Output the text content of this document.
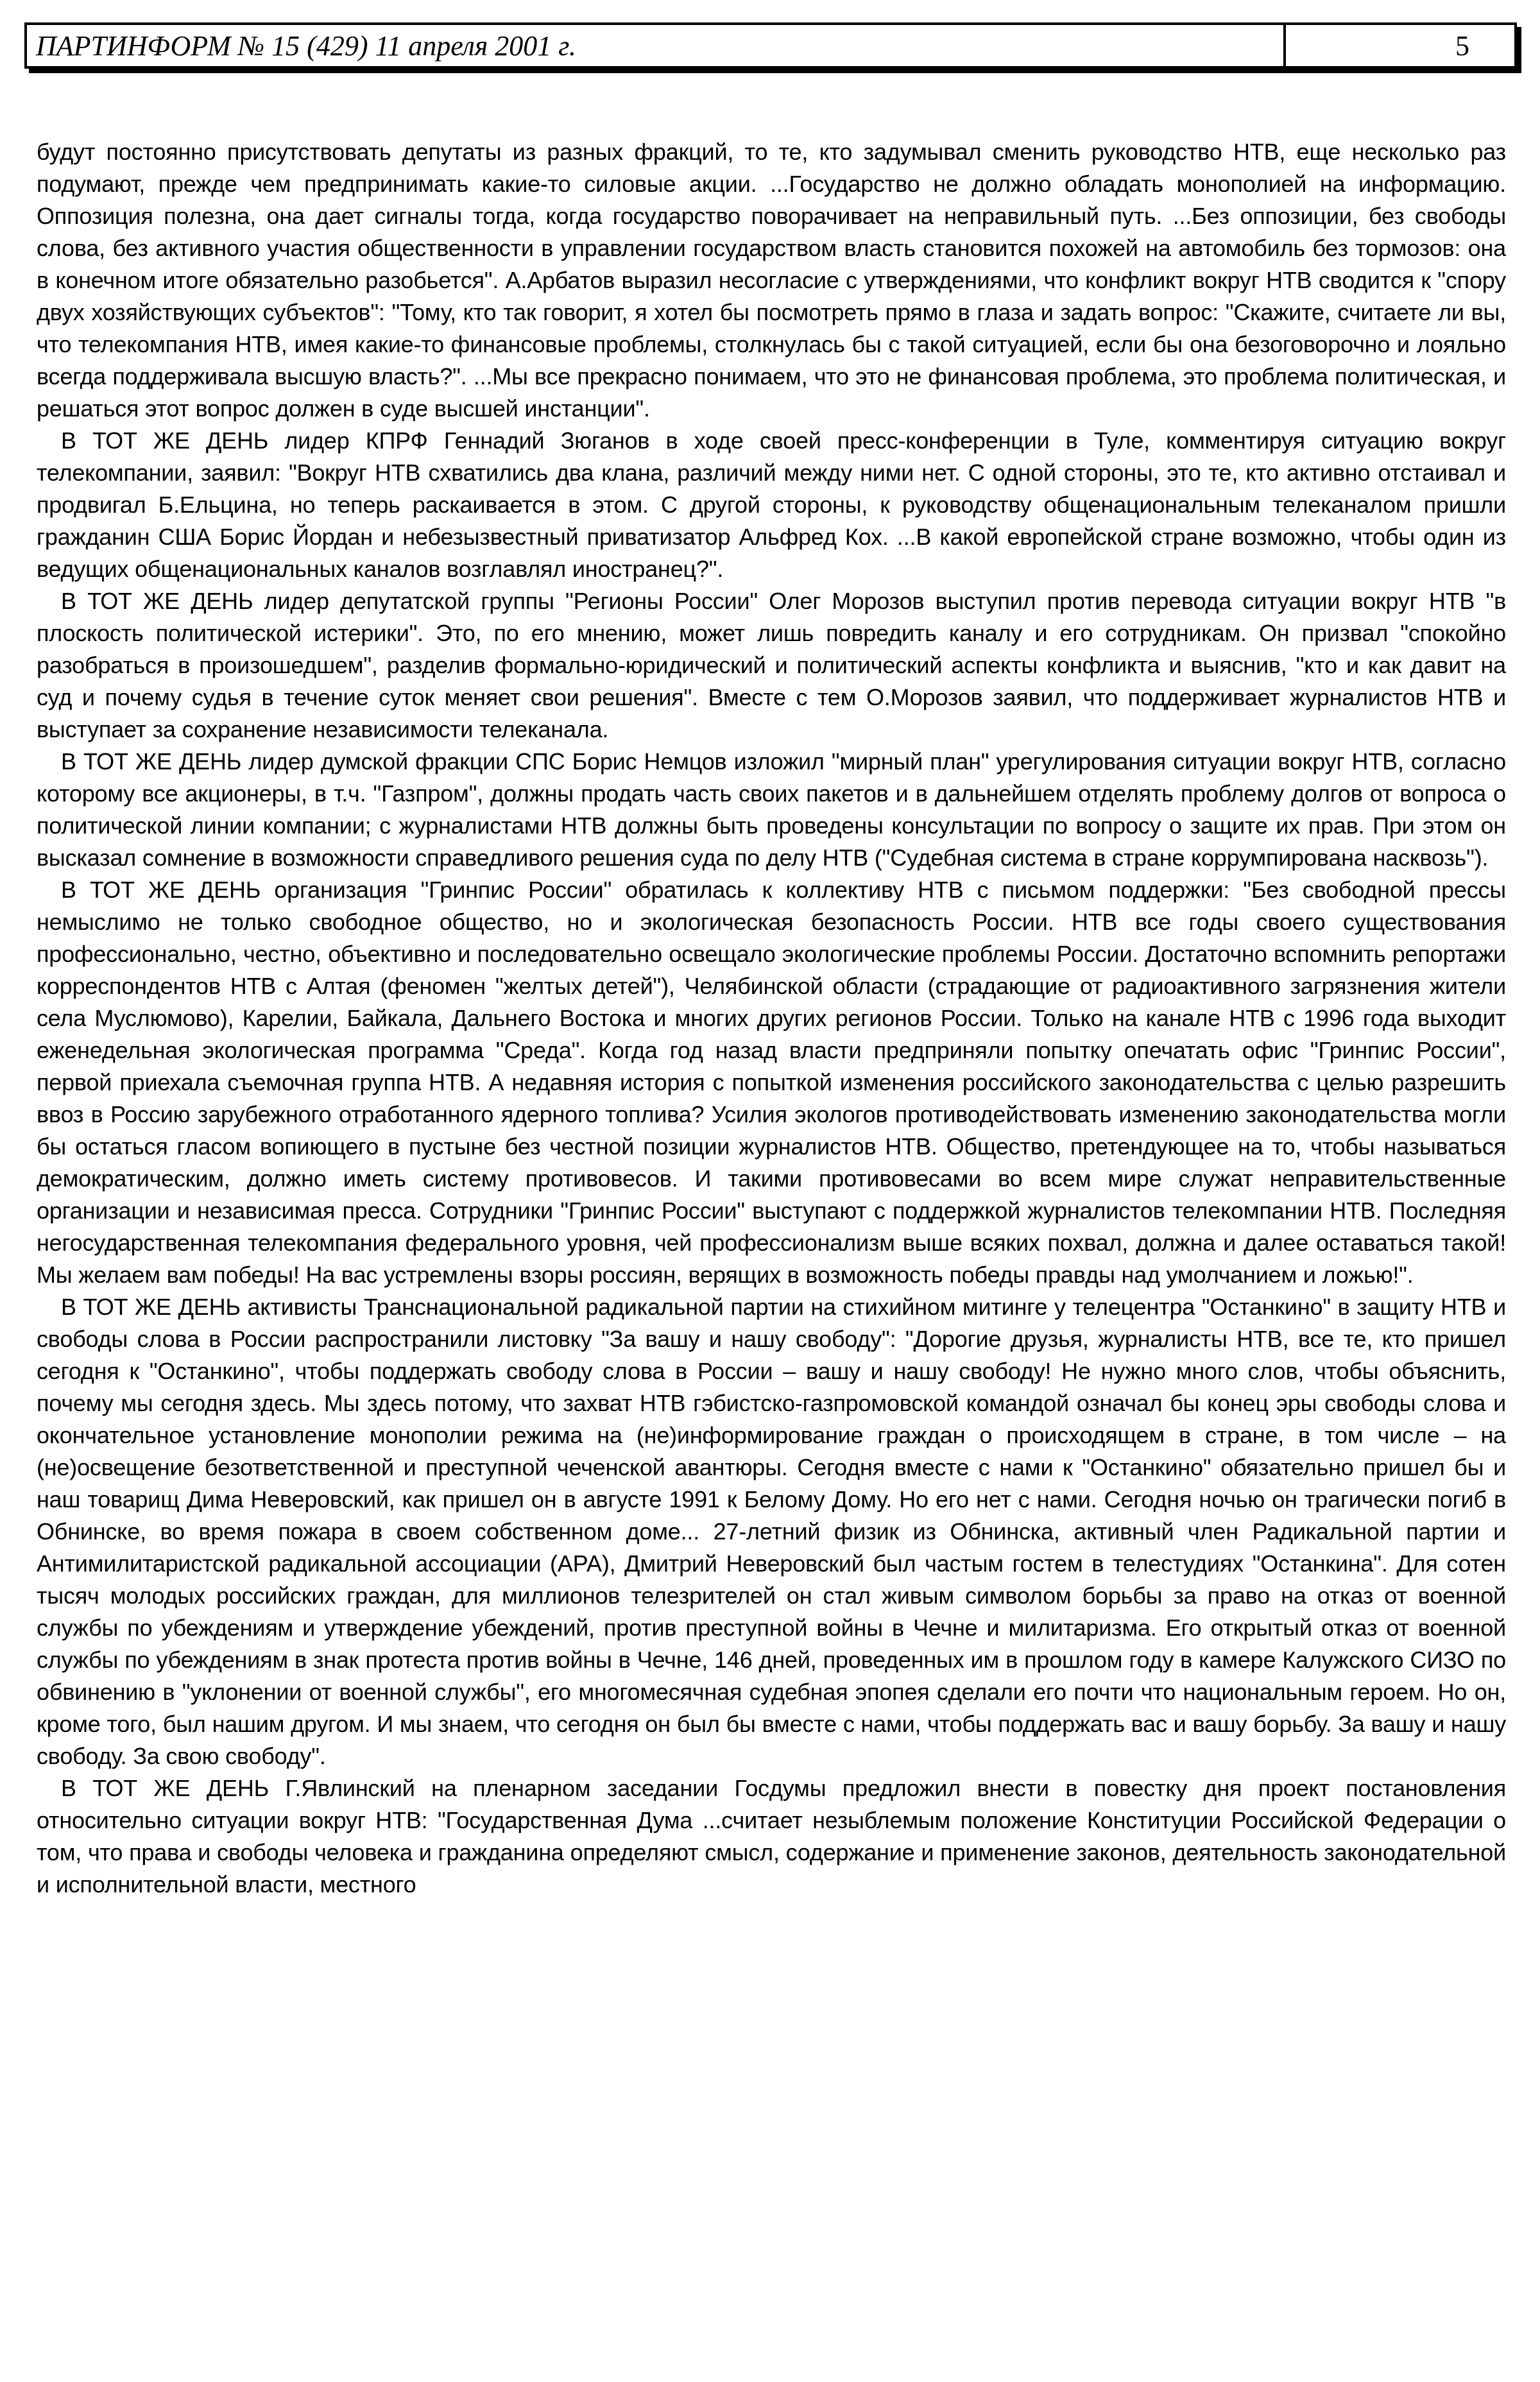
ПАРТИНФОРМ № 15 (429) 11 апреля 2001 г.	5

будут постоянно присутствовать депутаты из разных фракций, то те, кто задумывал сменить руководство НТВ, еще несколько раз подумают, прежде чем предпринимать какие-то силовые акции. ...Государство не должно обладать монополией на информацию. Оппозиция полезна, она дает сигналы тогда, когда государство поворачивает на неправильный путь. ...Без оппозиции, без свободы слова, без активного участия общественности в управлении государством власть становится похожей на автомобиль без тормозов: она в конечном итоге обязательно разобьется". А.Арбатов выразил несогласие с утверждениями, что конфликт вокруг НТВ сводится к "спору двух хозяйствующих субъектов": "Тому, кто так говорит, я хотел бы посмотреть прямо в глаза и задать вопрос: "Скажите, считаете ли вы, что телекомпания НТВ, имея какие-то финансовые проблемы, столкнулась бы с такой ситуацией, если бы она безоговорочно и лояльно всегда поддерживала высшую власть?". ...Мы все прекрасно понимаем, что это не финансовая проблема, это проблема политическая, и решаться этот вопрос должен в суде высшей инстанции".

В ТОТ ЖЕ ДЕНЬ лидер КПРФ Геннадий Зюганов в ходе своей пресс-конференции в Туле, комментируя ситуацию вокруг телекомпании, заявил: "Вокруг НТВ схватились два клана, различий между ними нет. С одной стороны, это те, кто активно отстаивал и продвигал Б.Ельцина, но теперь раскаивается в этом. С другой стороны, к руководству общенациональным телеканалом пришли гражданин США Борис Йордан и небезызвестный приватизатор Альфред Кох. ...В какой европейской стране возможно, чтобы один из ведущих общенациональных каналов возглавлял иностранец?".

В ТОТ ЖЕ ДЕНЬ лидер депутатской группы "Регионы России" Олег Морозов выступил против перевода ситуации вокруг НТВ "в плоскость политической истерики". Это, по его мнению, может лишь повредить каналу и его сотрудникам. Он призвал "спокойно разобраться в произошедшем", разделив формально-юридический и политический аспекты конфликта и выяснив, "кто и как давит на суд и почему судья в течение суток меняет свои решения". Вместе с тем О.Морозов заявил, что поддерживает журналистов НТВ и выступает за сохранение независимости телеканала.

В ТОТ ЖЕ ДЕНЬ лидер думской фракции СПС Борис Немцов изложил "мирный план" урегулирования ситуации вокруг НТВ, согласно которому все акционеры, в т.ч. "Газпром", должны продать часть своих пакетов и в дальнейшем отделять проблему долгов от вопроса о политической линии компании; с журналистами НТВ должны быть проведены консультации по вопросу о защите их прав. При этом он высказал сомнение в возможности справедливого решения суда по делу НТВ ("Судебная система в стране коррумпирована насквозь").

В ТОТ ЖЕ ДЕНЬ организация "Гринпис России" обратилась к коллективу НТВ с письмом поддержки: "Без свободной прессы немыслимо не только свободное общество, но и экологическая безопасность России. НТВ все годы своего существования профессионально, честно, объективно и последовательно освещало экологические проблемы России. Достаточно вспомнить репортажи корреспондентов НТВ с Алтая (феномен "желтых детей"), Челябинской области (страдающие от радиоактивного загрязнения жители села Муслюмово), Карелии, Байкала, Дальнего Востока и многих других регионов России. Только на канале НТВ с 1996 года выходит еженедельная экологическая программа "Среда". Когда год назад власти предприняли попытку опечатать офис "Гринпис России", первой приехала съемочная группа НТВ. А недавняя история с попыткой изменения российского законодательства с целью разрешить ввоз в Россию зарубежного отработанного ядерного топлива? Усилия экологов противодействовать изменению законодательства могли бы остаться гласом вопиющего в пустыне без честной позиции журналистов НТВ. Общество, претендующее на то, чтобы называться демократическим, должно иметь систему противовесов. И такими противовесами во всем мире служат неправительственные организации и независимая пресса. Сотрудники "Гринпис России" выступают с поддержкой журналистов телекомпании НТВ. Последняя негосударственная телекомпания федерального уровня, чей профессионализм выше всяких похвал, должна и далее оставаться такой! Мы желаем вам победы! На вас устремлены взоры россиян, верящих в возможность победы правды над умолчанием и ложью!".

В ТОТ ЖЕ ДЕНЬ активисты Транснациональной радикальной партии на стихийном митинге у телецентра "Останкино" в защиту НТВ и свободы слова в России распространили листовку "За вашу и нашу свободу": "Дорогие друзья, журналисты НТВ, все те, кто пришел сегодня к "Останкино", чтобы поддержать свободу слова в России – вашу и нашу свободу! Не нужно много слов, чтобы объяснить, почему мы сегодня здесь. Мы здесь потому, что захват НТВ гэбистско-газпромовской командой означал бы конец эры свободы слова и окончательное установление монополии режима на (не)информирование граждан о происходящем в стране, в том числе – на (не)освещение безответственной и преступной чеченской авантюры. Сегодня вместе с нами к "Останкино" обязательно пришел бы и наш товарищ Дима Неверовский, как пришел он в августе 1991 к Белому Дому. Но его нет с нами. Сегодня ночью он трагически погиб в Обнинске, во время пожара в своем собственном доме... 27-летний физик из Обнинска, активный член Радикальной партии и Антимилитаристской радикальной ассоциации (АРА), Дмитрий Неверовский был частым гостем в телестудиях "Останкина". Для сотен тысяч молодых российских граждан, для миллионов телезрителей он стал живым символом борьбы за право на отказ от военной службы по убеждениям и утверждение убеждений, против преступной войны в Чечне и милитаризма. Его открытый отказ от военной службы по убеждениям в знак протеста против войны в Чечне, 146 дней, проведенных им в прошлом году в камере Калужского СИЗО по обвинению в "уклонении от военной службы", его многомесячная судебная эпопея сделали его почти что национальным героем. Но он, кроме того, был нашим другом. И мы знаем, что сегодня он был бы вместе с нами, чтобы поддержать вас и вашу борьбу. За вашу и нашу свободу. За свою свободу".

В ТОТ ЖЕ ДЕНЬ Г.Явлинский на пленарном заседании Госдумы предложил внести в повестку дня проект постановления относительно ситуации вокруг НТВ: "Государственная Дума ...считает незыблемым положение Конституции Российской Федерации о том, что права и свободы человека и гражданина определяют смысл, содержание и применение законов, деятельность законодательной и исполнительной власти, местного
